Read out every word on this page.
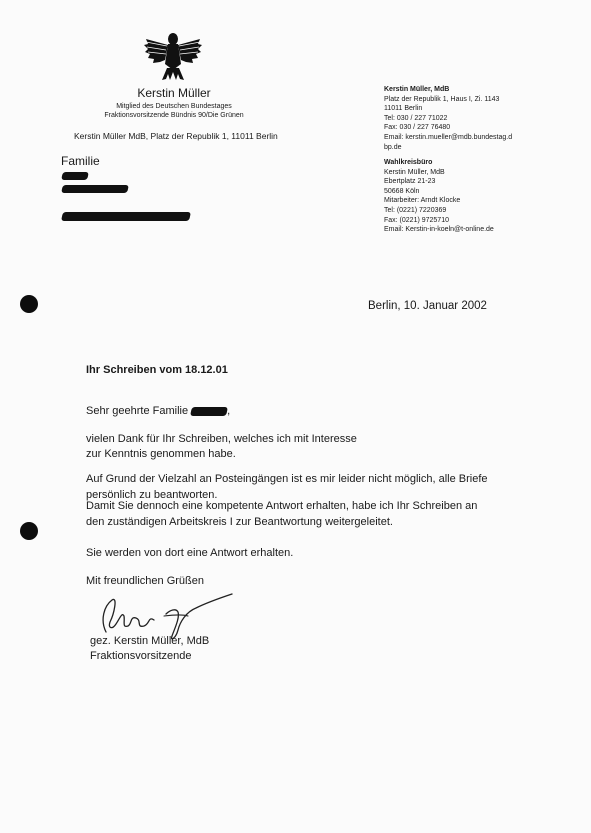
Kerstin Müller

Mitglied des Deutschen Bundestages

Fraktionsvorsitzende Bündnis 90/Die Grünen

Kerstin Müller MdB, Platz der Republik 1, 11011 Berlin

Kerstin Müller, MdB
Platz der Republik 1, Haus I, Zi. 1143
11011 Berlin
Tel: 030 / 227 71022
Fax: 030 / 227 76480
Email: kerstin.mueller@mdb.bundestag.d
bp.de
Wahlkreisbüro
Kerstin Müller, MdB
Ebertplatz 21-23
50668 Köln
Mitarbeiter: Arndt Klocke
Tel: (0221) 7220369
Fax: (0221) 9725710
Email: Kerstin-in-koeln@t-online.de

Familie

Berlin, 10. Januar 2002

Ihr Schreiben vom 18.12.01

Sehr geehrte Familie	,

vielen Dank für Ihr Schreiben, welches ich mit Interesse

zur Kenntnis genommen habe.

Auf Grund der Vielzahl an Posteingängen ist es mir leider nicht möglich, alle Briefe

persönlich zu beantworten.

Damit Sie dennoch eine kompetente Antwort erhalten, habe ich Ihr Schreiben an

den zuständigen Arbeitskreis I zur Beantwortung weitergeleitet.

Sie werden von dort eine Antwort erhalten.

Mit freundlichen Grüßen

gez. Kerstin Müller, MdB

Fraktionsvorsitzende
